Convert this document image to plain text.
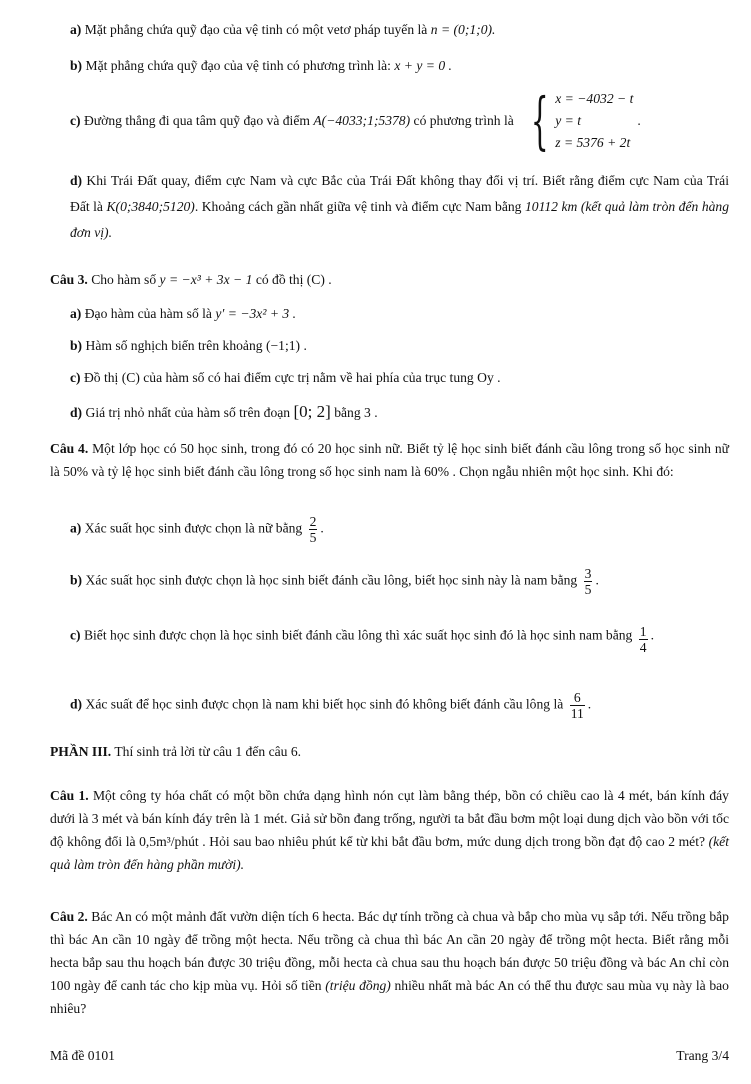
a) Mặt phẳng chứa quỹ đạo của vệ tinh có một vetơ pháp tuyến là n = (0;1;0).
b) Mặt phẳng chứa quỹ đạo của vệ tinh có phương trình là: x + y = 0 .
c) Đường thẳng đi qua tâm quỹ đạo và điểm A(−4033;1;5378) có phương trình là { x = −4032 − t
y = t
z = 5376 + 2t
.
d) Khi Trái Đất quay, điểm cực Nam và cực Bắc của Trái Đất không thay đổi vị trí. Biết rằng điểm cực Nam của Trái Đất là K(0;3840;5120). Khoảng cách gần nhất giữa vệ tinh và điểm cực Nam bằng 10112 km (kết quả làm tròn đến hàng đơn vị).
Câu 3. Cho hàm số y = −x³ + 3x − 1 có đồ thị (C) .
a) Đạo hàm của hàm số là y′ = −3x² + 3 .
b) Hàm số nghịch biến trên khoảng (−1;1) .
c) Đồ thị (C) của hàm số có hai điểm cực trị nằm về hai phía của trục tung Oy .
d) Giá trị nhỏ nhất của hàm số trên đoạn [0; 2] bằng 3 .
Câu 4. Một lớp học có 50 học sinh, trong đó có 20 học sinh nữ. Biết tỷ lệ học sinh biết đánh cầu lông trong số học sinh nữ là 50% và tỷ lệ học sinh biết đánh cầu lông trong số học sinh nam là 60% . Chọn ngẫu nhiên một học sinh. Khi đó:
a) Xác suất học sinh được chọn là nữ bằng $\frac{2}{5}$ .
b) Xác suất học sinh được chọn là học sinh biết đánh cầu lông, biết học sinh này là nam bằng $\frac{3}{5}$ .
c) Biết học sinh được chọn là học sinh biết đánh cầu lông thì xác suất học sinh đó là học sinh nam bằng $\frac{1}{4}$ .
d) Xác suất để học sinh được chọn là nam khi biết học sinh đó không biết đánh cầu lông là $\frac{6}{11}$ .
PHẦN III. Thí sinh trả lời từ câu 1 đến câu 6.
Câu 1. Một công ty hóa chất có một bồn chứa dạng hình nón cụt làm bằng thép, bồn có chiều cao là 4 mét, bán kính đáy dưới là 3 mét và bán kính đáy trên là 1 mét. Giả sử bồn đang trống, người ta bắt đầu bơm một loại dung dịch vào bồn với tốc độ không đổi là 0,5m³/phút . Hỏi sau bao nhiêu phút kể từ khi bắt đầu bơm, mức dung dịch trong bồn đạt độ cao 2 mét? (kết quả làm tròn đến hàng phần mười).
Câu 2. Bác An có một mảnh đất vườn diện tích 6 hecta. Bác dự tính trồng cà chua và bắp cho mùa vụ sắp tới. Nếu trồng bắp thì bác An cần 10 ngày để trồng một hecta. Nếu trồng cà chua thì bác An cần 20 ngày để trồng một hecta. Biết rằng mỗi hecta bắp sau thu hoạch bán được 30 triệu đồng, mỗi hecta cà chua sau thu hoạch bán được 50 triệu đồng và bác An chỉ còn 100 ngày để canh tác cho kịp mùa vụ. Hỏi số tiền (triệu đồng) nhiều nhất mà bác An có thể thu được sau mùa vụ này là bao nhiêu?
Mã đề 0101	Trang 3/4
